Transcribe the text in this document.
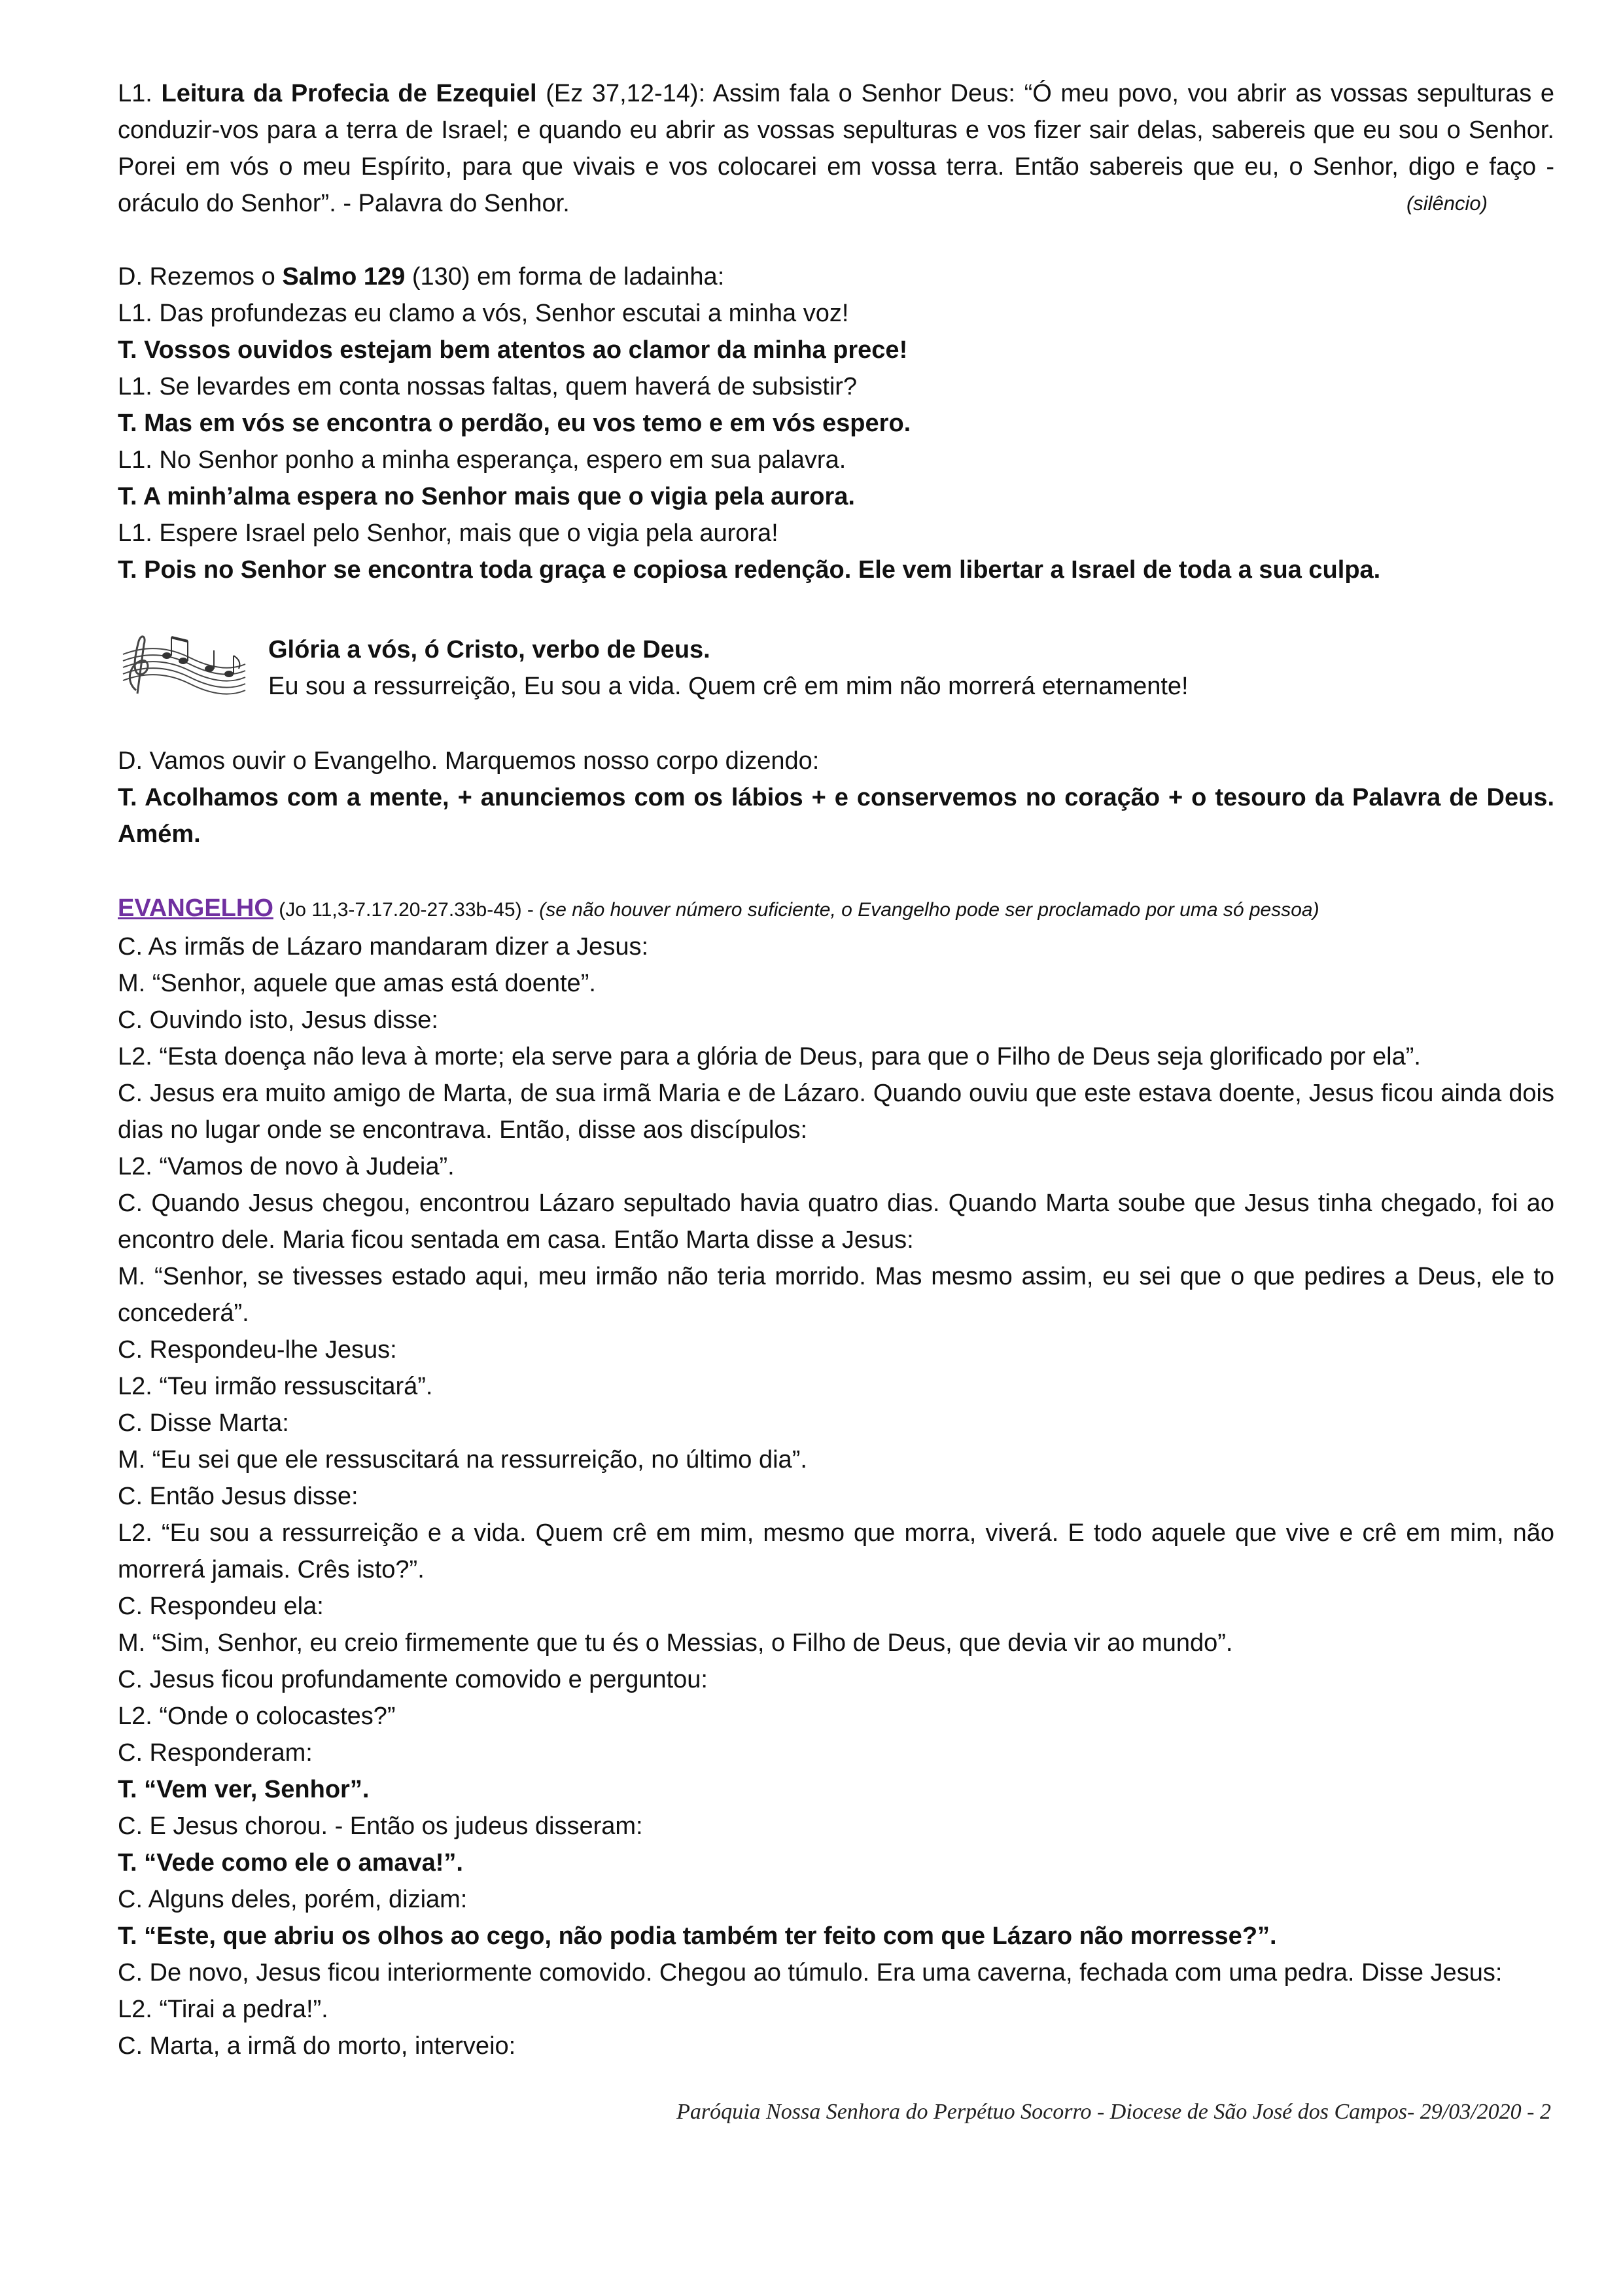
L1. Leitura da Profecia de Ezequiel (Ez 37,12-14): Assim fala o Senhor Deus: “Ó meu povo, vou abrir as vossas sepulturas e conduzir-vos para a terra de Israel; e quando eu abrir as vossas sepulturas e vos fizer sair delas, sabereis que eu sou o Senhor. Porei em vós o meu Espírito, para que vivais e vos colocarei em vossa terra. Então sabereis que eu, o Senhor, digo e faço - oráculo do Senhor”. - Palavra do Senhor.	(silêncio)

D. Rezemos o Salmo 129 (130) em forma de ladainha:

L1. Das profundezas eu clamo a vós, Senhor escutai a minha voz!

T. Vossos ouvidos estejam bem atentos ao clamor da minha prece!

L1. Se levardes em conta nossas faltas, quem haverá de subsistir?

T. Mas em vós se encontra o perdão, eu vos temo e em vós espero.

L1. No Senhor ponho a minha esperança, espero em sua palavra.

T. A minh’alma espera no Senhor mais que o vigia pela aurora.

L1. Espere Israel pelo Senhor, mais que o vigia pela aurora!

T. Pois no Senhor se encontra toda graça e copiosa redenção. Ele vem libertar a Israel de toda a sua culpa.

Glória a vós, ó Cristo, verbo de Deus.

Eu sou a ressurreição, Eu sou a vida. Quem crê em mim não morrerá eternamente!

D. Vamos ouvir o Evangelho. Marquemos nosso corpo dizendo:

T. Acolhamos com a mente, + anunciemos com os lábios + e conservemos no coração + o tesouro da Palavra de Deus. Amém.

EVANGELHO (Jo 11,3-7.17.20-27.33b-45) - (se não houver número suficiente, o Evangelho pode ser proclamado por uma só pessoa)

C. As irmãs de Lázaro mandaram dizer a Jesus:

M. “Senhor, aquele que amas está doente”.

C. Ouvindo isto, Jesus disse:

L2. “Esta doença não leva à morte; ela serve para a glória de Deus, para que o Filho de Deus seja glorificado por ela”.

C. Jesus era muito amigo de Marta, de sua irmã Maria e de Lázaro. Quando ouviu que este estava doente, Jesus ficou ainda dois dias no lugar onde se encontrava. Então, disse aos discípulos:

L2. “Vamos de novo à Judeia”.

C. Quando Jesus chegou, encontrou Lázaro sepultado havia quatro dias. Quando Marta soube que Jesus tinha chegado, foi ao encontro dele. Maria ficou sentada em casa. Então Marta disse a Jesus:

M. “Senhor, se tivesses estado aqui, meu irmão não teria morrido. Mas mesmo assim, eu sei que o que pedires a Deus, ele to concederá”.

C. Respondeu-lhe Jesus:

L2. “Teu irmão ressuscitará”.

C. Disse Marta:

M. “Eu sei que ele ressuscitará na ressurreição, no último dia”.

C. Então Jesus disse:

L2. “Eu sou a ressurreição e a vida. Quem crê em mim, mesmo que morra, viverá. E todo aquele que vive e crê em mim, não morrerá jamais. Crês isto?”.

C. Respondeu ela:

M. “Sim, Senhor, eu creio firmemente que tu és o Messias, o Filho de Deus, que devia vir ao mundo”.

C. Jesus ficou profundamente comovido e perguntou:

L2. “Onde o colocastes?”

C. Responderam:

T. “Vem ver, Senhor”.

C. E Jesus chorou. - Então os judeus disseram:

T. “Vede como ele o amava!”.

C. Alguns deles, porém, diziam:

T. “Este, que abriu os olhos ao cego, não podia também ter feito com que Lázaro não morresse?”.

C. De novo, Jesus ficou interiormente comovido. Chegou ao túmulo. Era uma caverna, fechada com uma pedra. Disse Jesus:

L2. “Tirai a pedra!”.

C. Marta, a irmã do morto, interveio:

Paróquia Nossa Senhora do Perpétuo Socorro - Diocese de São José dos Campos- 29/03/2020 - 2
